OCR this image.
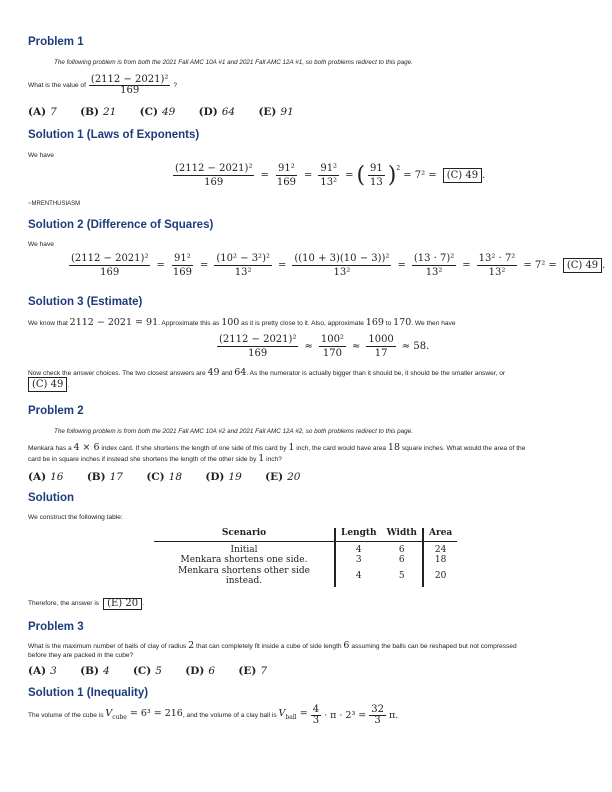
Problem 1
The following problem is from both the 2021 Fall AMC 10A #1 and 2021 Fall AMC 12A #1, so both problems redirect to this page.
What is the value of $\frac{\text{(2112 − 2021)²}}{169}$ ?
(A) 7 (B) 21 (C) 49 (D) 64 (E) 91
Solution 1 (Laws of Exponents)
We have
$\frac{\text{(2112 − 2021)²}}{169} = \frac{\text{91²}}{169} = \frac{\text{91²}}{\text{13²}}$ = ( $\frac{91}{13} )^2$
= 7² =	(C) 49 .
~MRENTHUSIASM
Solution 2 (Difference of Squares)
We have
$\frac{\text{(2112 − 2021)²}}{169} = \frac{\text{91²}}{169} = \frac{\text{(10² − 3²)²}}{\text{13²}} = \frac{\text{((10 + 3)(10 − 3))²}}{\text{13²}} = \frac{\text{(13 · 7)²}}{\text{13²}} = \frac{\text{13² · 7²}}{\text{13²}} = 7^2$ =	(C) 49 .
Solution 3 (Estimate)
We know that 2112 − 2021 = 91. Approximate this as 100 as it is pretty close to it. Also, approximate 169 to 170. We then have
$\frac{\text{(2112 − 2021)²}}{169} \approx \frac{\text{100²}}{170} \approx \frac{1000}{17} \approx 58$.
Now check the answer choices. The two closest answers are 49 and 64. As the numerator is actually bigger than it should be, it should be the smaller answer, or
(C) 49 .
Problem 2
The following problem is from both the 2021 Fall AMC 10A #2 and 2021 Fall AMC 12A #2, so both problems redirect to this page.
Menkara has a 4 × 6 index card. If she shortens the length of one side of this card by 1 inch, the card would have area 18 square inches. What would the area of the
card be in square inches if instead she shortens the length of the other side by 1 inch?
(A) 16 (B) 17 (C) 18 (D) 19 (E) 20
Solution
We construct the following table:
Scenario	Length	Width	Area
Initial	4	6	24
Menkara shortens one side.	3	6	18
Menkara shortens other side instead.	4	5	20
Therefore, the answer is (E) 20 .
Problem 3
What is the maximum number of balls of clay of radius 2 that can completely fit inside a cube of side length 6 assuming the balls can be reshaped but not compressed
before they are packed in the cube?
(A) 3 (B) 4 (C) 5 (D) 6 (E) 7
Solution 1 (Inequality)
The volume of the cube is
$V_{cube} = 6^3 = 216$ , and the volume of a clay ball is
$V_{ball} = \frac{4}{3} \cdot \pi \cdot 2^3 = \frac{32}{3} \pi$.
